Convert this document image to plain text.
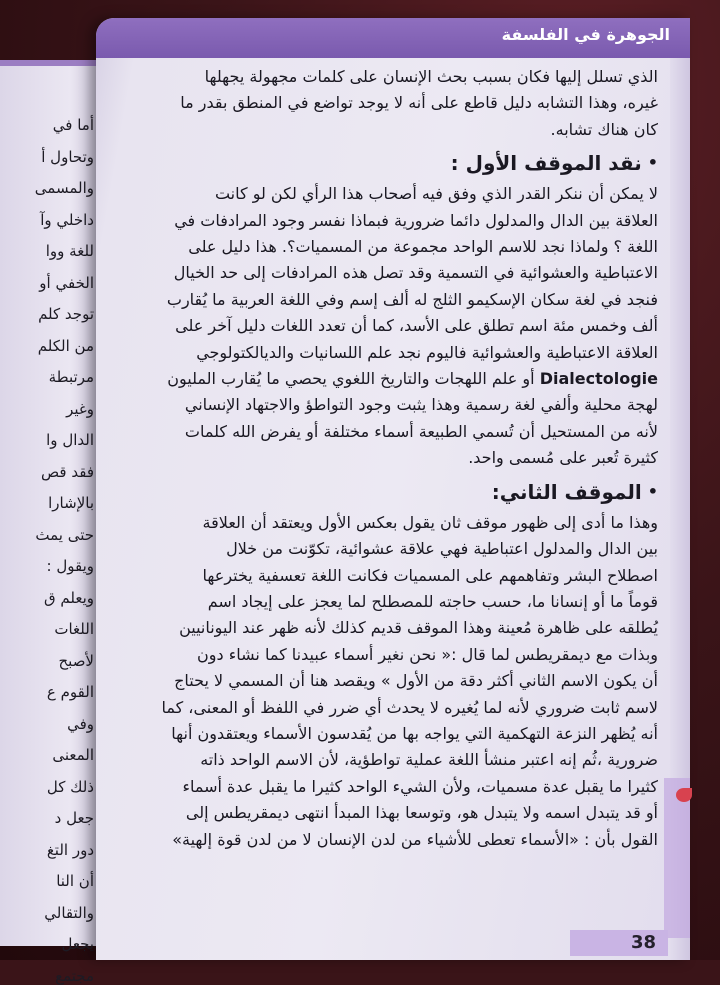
أما في
وتحاول أ
والمسمى
داخلي وآ
للغة ووا
الخفي أو
توجد كلم
من الكلم
مرتبطة
وغير
الدال وا
فقد قص
بالإشارا
حتى يمث
ويقول :
ويعلم ق
اللغات
لأصبح
القوم ع
وفي
المعنى
ذلك كل
جعل د
دور التغ
أن النا
والتقالي
يجعل
مجتمع
الجوهرة في الفلسفة

الذي تسلل إليها فكان بسبب بحث الإنسان على كلمات مجهولة يجهلها

غيره، وهذا التشابه دليل قاطع على أنه لا يوجد تواضع في المنطق بقدر ما

كان هناك تشابه.

•
نقد الموقف الأول :

لا يمكن أن ننكر القدر الذي وفق فيه أصحاب هذا الرأي لكن لو كانت

العلاقة بين الدال والمدلول دائما ضرورية فبماذا نفسر وجود المرادفات في

اللغة ؟ ولماذا نجد للاسم الواحد مجموعة من المسميات؟. هذا دليل على

الاعتباطية والعشوائية في التسمية وقد تصل هذه المرادفات إلى حد الخيال

فنجد في لغة سكان الإسكيمو الثلج له ألف إسم وفي اللغة العربية ما يُقارب

ألف وخمس مئة اسم تطلق على الأسد، كما أن تعدد اللغات دليل آخر على

العلاقة الاعتباطية والعشوائية فاليوم نجد علم اللسانيات والديالكتولوجي

Dialectologie أو علم اللهجات والتاريخ اللغوي يحصي ما يُقارب المليون

لهجة محلية وألفي لغة رسمية وهذا يثبت وجود التواطؤ والاجتهاد الإنساني

لأنه من المستحيل أن تُسمي الطبيعة أسماء مختلفة أو يفرض الله كلمات

كثيرة تُعبر على مُسمى واحد.

•
الموقف الثاني:

وهذا ما أدى إلى ظهور موقف ثان يقول بعكس الأول ويعتقد أن العلاقة

بين الدال والمدلول اعتباطية فهي علاقة عشوائية، تكوّنت من خلال

اصطلاح البشر وتفاهمهم على المسميات فكانت اللغة تعسفية يخترعها

قوماً ما أو إنسانا ما، حسب حاجته للمصطلح لما يعجز على إيجاد اسم

يُطلقه على ظاهرة مُعينة وهذا الموقف قديم كذلك لأنه ظهر عند اليونانيين

وبذات مع ديمقريطس لما قال :« نحن نغير أسماء عبيدنا كما نشاء دون

أن يكون الاسم الثاني أكثر دقة من الأول » ويقصد هنا أن المسمي لا يحتاج

لاسم ثابت ضروري لأنه لما يُغيره لا يحدث أي ضرر في اللفظ أو المعنى، كما

أنه يُظهر النزعة التهكمية التي يواجه بها من يُقدسون الأسماء ويعتقدون أنها

ضرورية ،ثُم إنه اعتبر منشأ اللغة عملية تواطؤية، لأن الاسم الواحد ذاته

كثيرا ما يقبل عدة مسميات، ولأن الشيء الواحد كثيرا ما يقبل عدة أسماء

أو قد يتبدل اسمه ولا يتبدل هو، وتوسعا بهذا المبدأ انتهى ديمقريطس إلى

القول بأن : «الأسماء تعطى للأشياء من لدن الإنسان لا من لدن قوة إلهية»

38
